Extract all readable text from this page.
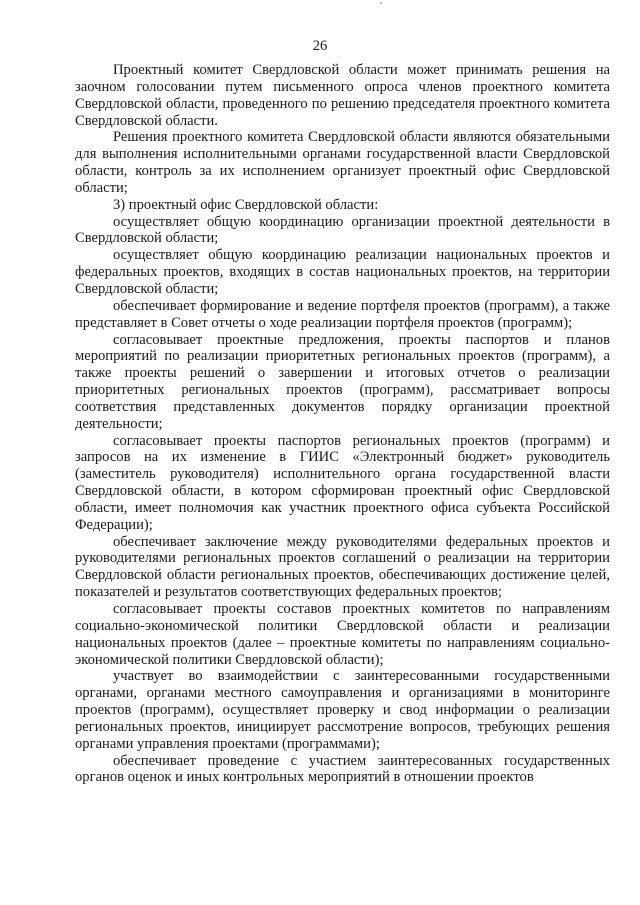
26

Проектный комитет Свердловской области может принимать решения на заочном голосовании путем письменного опроса членов проектного комитета Свердловской области, проведенного по решению председателя проектного комитета Свердловской области.

Решения проектного комитета Свердловской области являются обязательными для выполнения исполнительными органами государственной власти Свердловской области, контроль за их исполнением организует проектный офис Свердловской области;

3) проектный офис Свердловской области:

осуществляет общую координацию организации проектной деятельности в Свердловской области;

осуществляет общую координацию реализации национальных проектов и федеральных проектов, входящих в состав национальных проектов, на территории Свердловской области;

обеспечивает формирование и ведение портфеля проектов (программ), а также представляет в Совет отчеты о ходе реализации портфеля проектов (программ);

согласовывает проектные предложения, проекты паспортов и планов мероприятий по реализации приоритетных региональных проектов (программ), а также проекты решений о завершении и итоговых отчетов о реализации приоритетных региональных проектов (программ), рассматривает вопросы соответствия представленных документов порядку организации проектной деятельности;

согласовывает проекты паспортов региональных проектов (программ) и запросов на их изменение в ГИИС «Электронный бюджет» руководитель (заместитель руководителя) исполнительного органа государственной власти Свердловской области, в котором сформирован проектный офис Свердловской области, имеет полномочия как участник проектного офиса субъекта Российской Федерации);

обеспечивает заключение между руководителями федеральных проектов и руководителями региональных проектов соглашений о реализации на территории Свердловской области региональных проектов, обеспечивающих достижение целей, показателей и результатов соответствующих федеральных проектов;

согласовывает проекты составов проектных комитетов по направлениям социально-экономической политики Свердловской области и реализации национальных проектов (далее – проектные комитеты по направлениям социально-экономической политики Свердловской области);

участвует во взаимодействии с заинтересованными государственными органами, органами местного самоуправления и организациями в мониторинге проектов (программ), осуществляет проверку и свод информации о реализации региональных проектов, инициирует рассмотрение вопросов, требующих решения органами управления проектами (программами);

обеспечивает проведение с участием заинтересованных государственных органов оценок и иных контрольных мероприятий в отношении проектов
